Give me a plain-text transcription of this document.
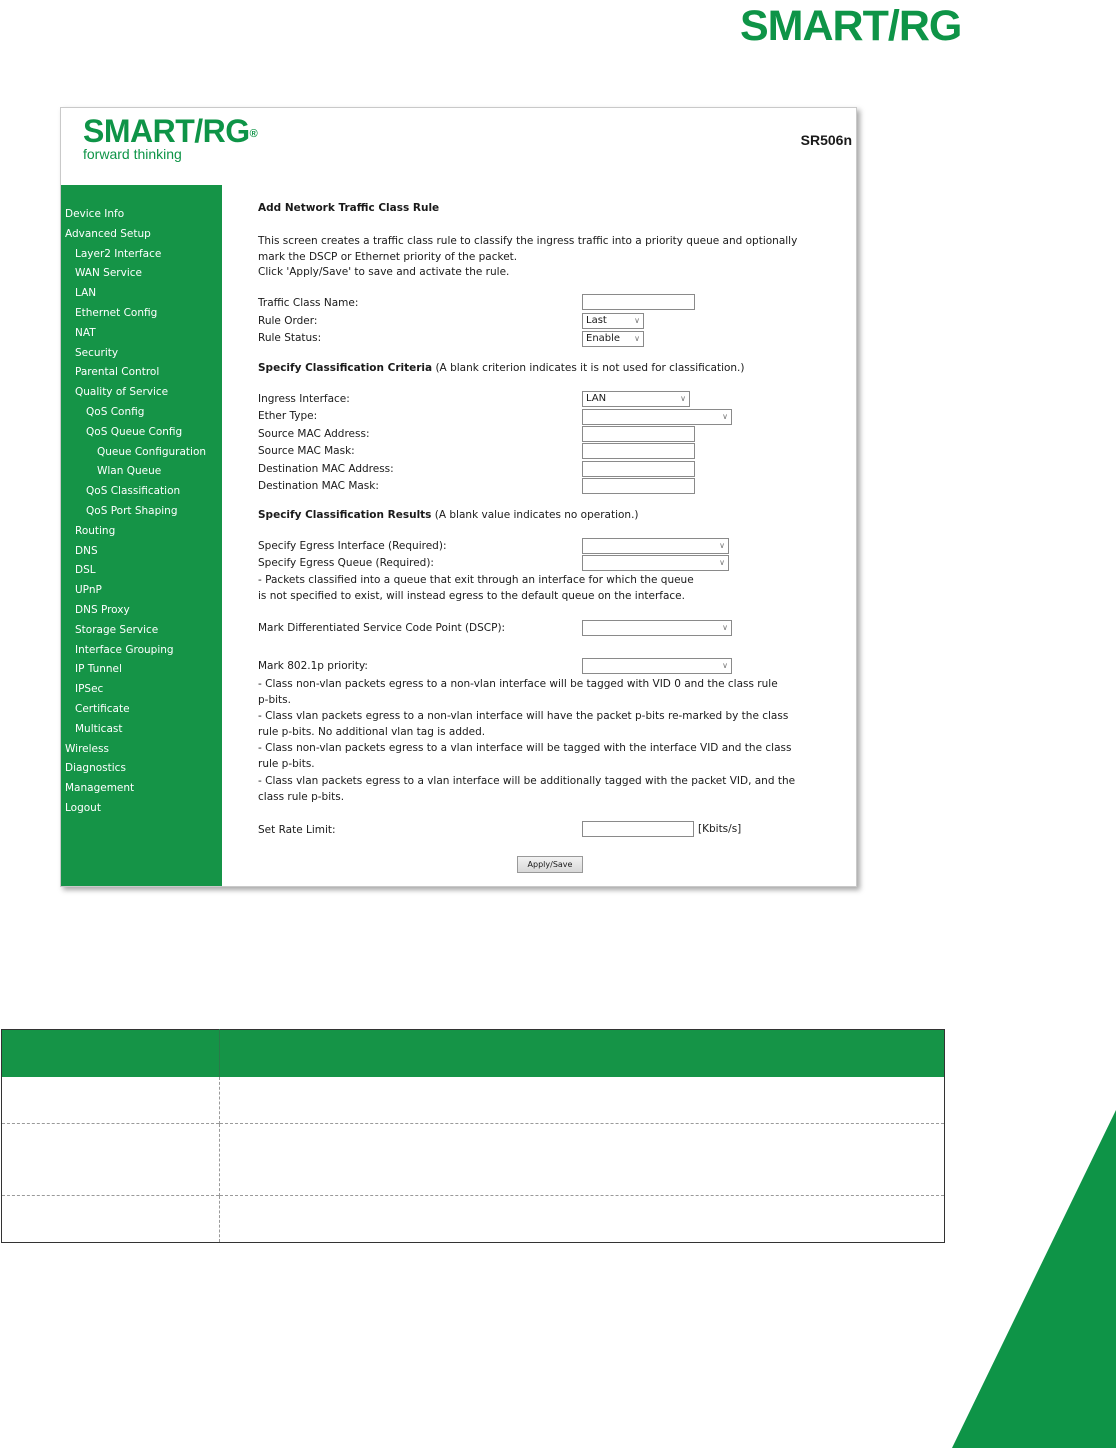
SMART/RG
SMART/RG®
forward thinking
SR506n
Device Info
Advanced Setup
Layer2 Interface
WAN Service
LAN
Ethernet Config
NAT
Security
Parental Control
Quality of Service
QoS Config
QoS Queue Config
Queue Configuration
Wlan Queue
QoS Classification
QoS Port Shaping
Routing
DNS
DSL
UPnP
DNS Proxy
Storage Service
Interface Grouping
IP Tunnel
IPSec
Certificate
Multicast
Wireless
Diagnostics
Management
Logout
Add Network Traffic Class Rule
This screen creates a traffic class rule to classify the ingress traffic into a priority queue and optionally
mark the DSCP or Ethernet priority of the packet.
Click 'Apply/Save' to save and activate the rule.
Traffic Class Name:
Rule Order:	Last	∨
Rule Status:	Enable ∨
Specify Classification Criteria (A blank criterion indicates it is not used for classification.)
Ingress Interface:	LAN	∨
Ether Type:	∨
Source MAC Address:
Source MAC Mask:
Destination MAC Address:
Destination MAC Mask:
Specify Classification Results (A blank value indicates no operation.)
Specify Egress Interface (Required):	∨
Specify Egress Queue (Required):	∨
- Packets classified into a queue that exit through an interface for which the queue
is not specified to exist, will instead egress to the default queue on the interface.
Mark Differentiated Service Code Point (DSCP):	∨
Mark 802.1p priority:	∨
- Class non-vlan packets egress to a non-vlan interface will be tagged with VID 0 and the class rule
p-bits.
- Class vlan packets egress to a non-vlan interface will have the packet p-bits re-marked by the class
rule p-bits. No additional vlan tag is added.
- Class non-vlan packets egress to a vlan interface will be tagged with the interface VID and the class
rule p-bits.
- Class vlan packets egress to a vlan interface will be additionally tagged with the packet VID, and the
class rule p-bits.
Set Rate Limit:	[Kbits/s]
Apply/Save
